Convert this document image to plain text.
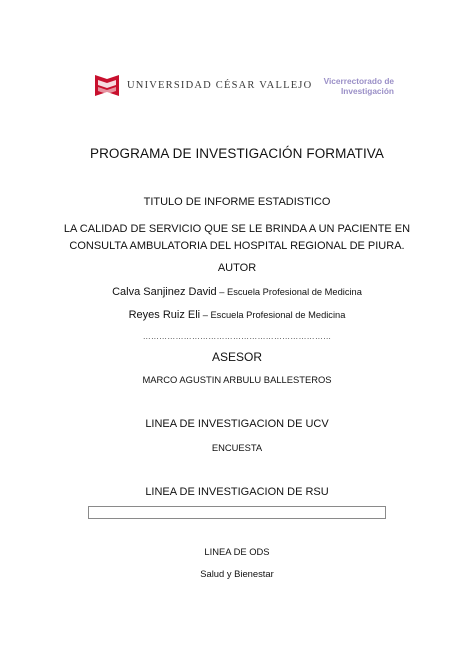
UNIVERSIDAD CÉSAR VALLEJO Vicerrectorado de
Investigación
PROGRAMA DE INVESTIGACIÓN FORMATIVA
TITULO DE INFORME ESTADISTICO
LA CALIDAD DE SERVICIO QUE SE LE BRINDA A UN PACIENTE EN
CONSULTA AMBULATORIA DEL HOSPITAL REGIONAL DE PIURA.
AUTOR
Calva Sanjinez David – Escuela Profesional de Medicina
Reyes Ruiz Eli – Escuela Profesional de Medicina
……………………………………………………………
ASESOR
MARCO AGUSTIN ARBULU BALLESTEROS
LINEA DE INVESTIGACION DE UCV
ENCUESTA
LINEA DE INVESTIGACION DE RSU
LINEA DE ODS
Salud y Bienestar
